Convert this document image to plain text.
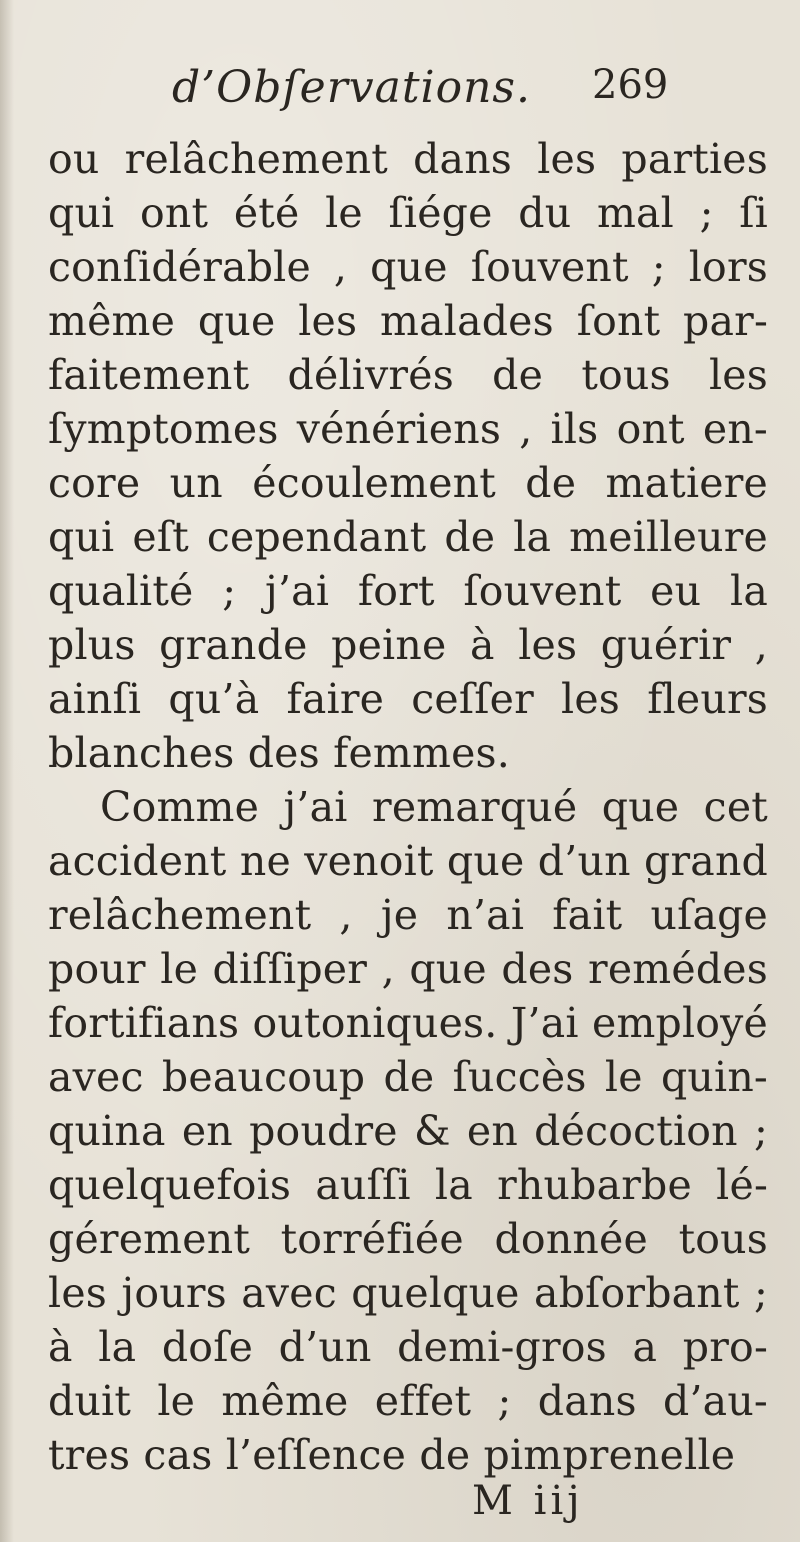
d’Obſervations. 269
ou relâchement dans les parties
qui ont été le ſiége du mal ; ſi
conſidérable , que ſouvent ; lors
même que les malades ſont par-
faitement délivrés de tous les
ſymptomes vénériens , ils ont en-
core un écoulement de matiere
qui eſt cependant de la meilleure
qualité ; j’ai fort ſouvent eu la
plus grande peine à les guérir ,
ainſi qu’à faire ceſſer les fleurs
blanches des femmes.
Comme j’ai remarqué que cet
accident ne venoit que d’un grand
relâchement , je n’ai fait uſage
pour le diſſiper , que des remédes
fortifians outoniques. J’ai employé
avec beaucoup de ſuccès le quin-
quina en poudre & en décoction ;
quelquefois auſſi la rhubarbe lé-
gérement torréfiée donnée tous
les jours avec quelque abſorbant ;
à la doſe d’un demi-gros a pro-
duit le même effet ; dans d’au-
tres cas l’eſſence de pimprenelle
M iij
